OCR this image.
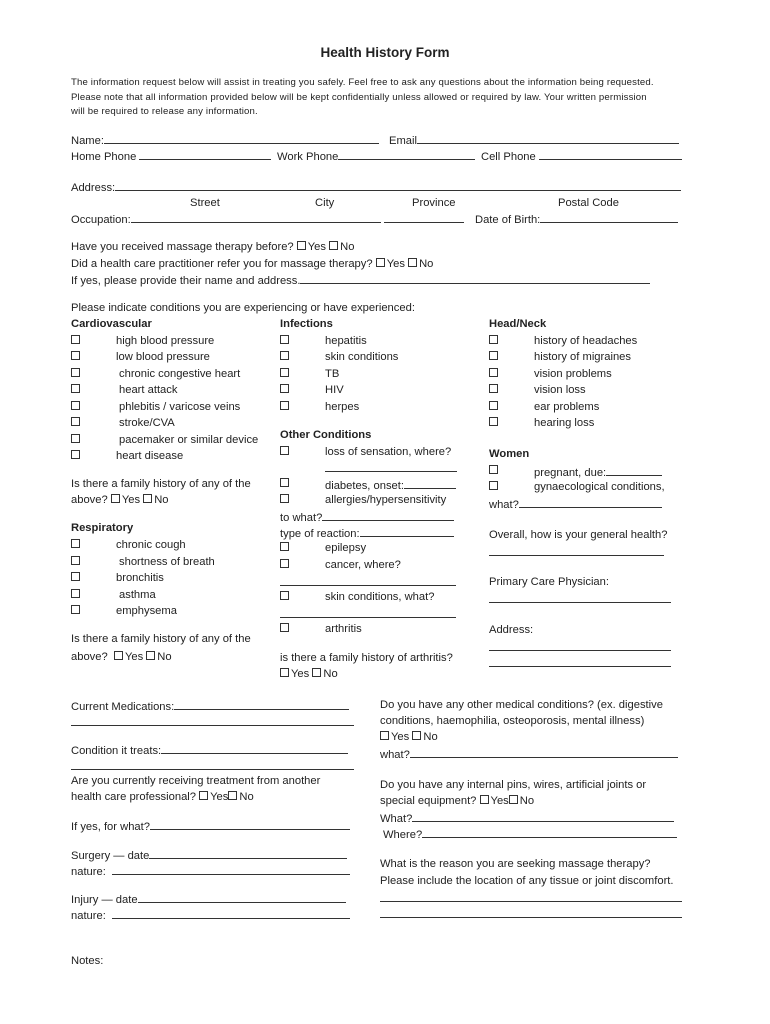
Health History Form
The information request below will assist in treating you safely. Feel free to ask any questions about the information being requested.
Please note that all information provided below will be kept confidentially unless allowed or required by law. Your written permission
will be required to release any information.
Name:	Email
Home Phone	Work Phone	Cell Phone
Address:
Street	City	Province	Postal Code
Occupation:	Date of Birth:
Have you received massage therapy before? Yes No
Did a health care practitioner refer you for massage therapy? Yes No
If yes, please provide their name and address.
Please indicate conditions you are experiencing or have experienced:
Cardiovascular
high blood pressure
low blood pressure
chronic congestive heart
heart attack
phlebitis / varicose veins
stroke/CVA
pacemaker or similar device
heart disease
Is there a family history of any of the
above? Yes No
Respiratory
chronic cough
shortness of breath
bronchitis
asthma
emphysema
Is there a family history of any of the
above? Yes No
Infections
hepatitis
skin conditions
TB
HIV
herpes
Other Conditions
loss of sensation, where?
diabetes, onset:
allergies/hypersensitivity
to what?
type of reaction:
epilepsy
cancer, where?
skin conditions, what?
arthritis
is there a family history of arthritis?
Yes No
Head/Neck
history of headaches
history of migraines
vision problems
vision loss
ear problems
hearing loss
Women
pregnant, due:
gynaecological conditions,
what?
Overall, how is your general health?
Primary Care Physician:
Address:
Current Medications:
Condition it treats:
Are you currently receiving treatment from another
health care professional? Yes No
If yes, for what?
Surgery — date
nature:
Injury — date
nature:
Notes:
Do you have any other medical conditions? (ex. digestive
conditions, haemophilia, osteoporosis, mental illness)
Yes No
what?
Do you have any internal pins, wires, artificial joints or
special equipment? Yes No
What?
Where?
What is the reason you are seeking massage therapy?
Please include the location of any tissue or joint discomfort.
